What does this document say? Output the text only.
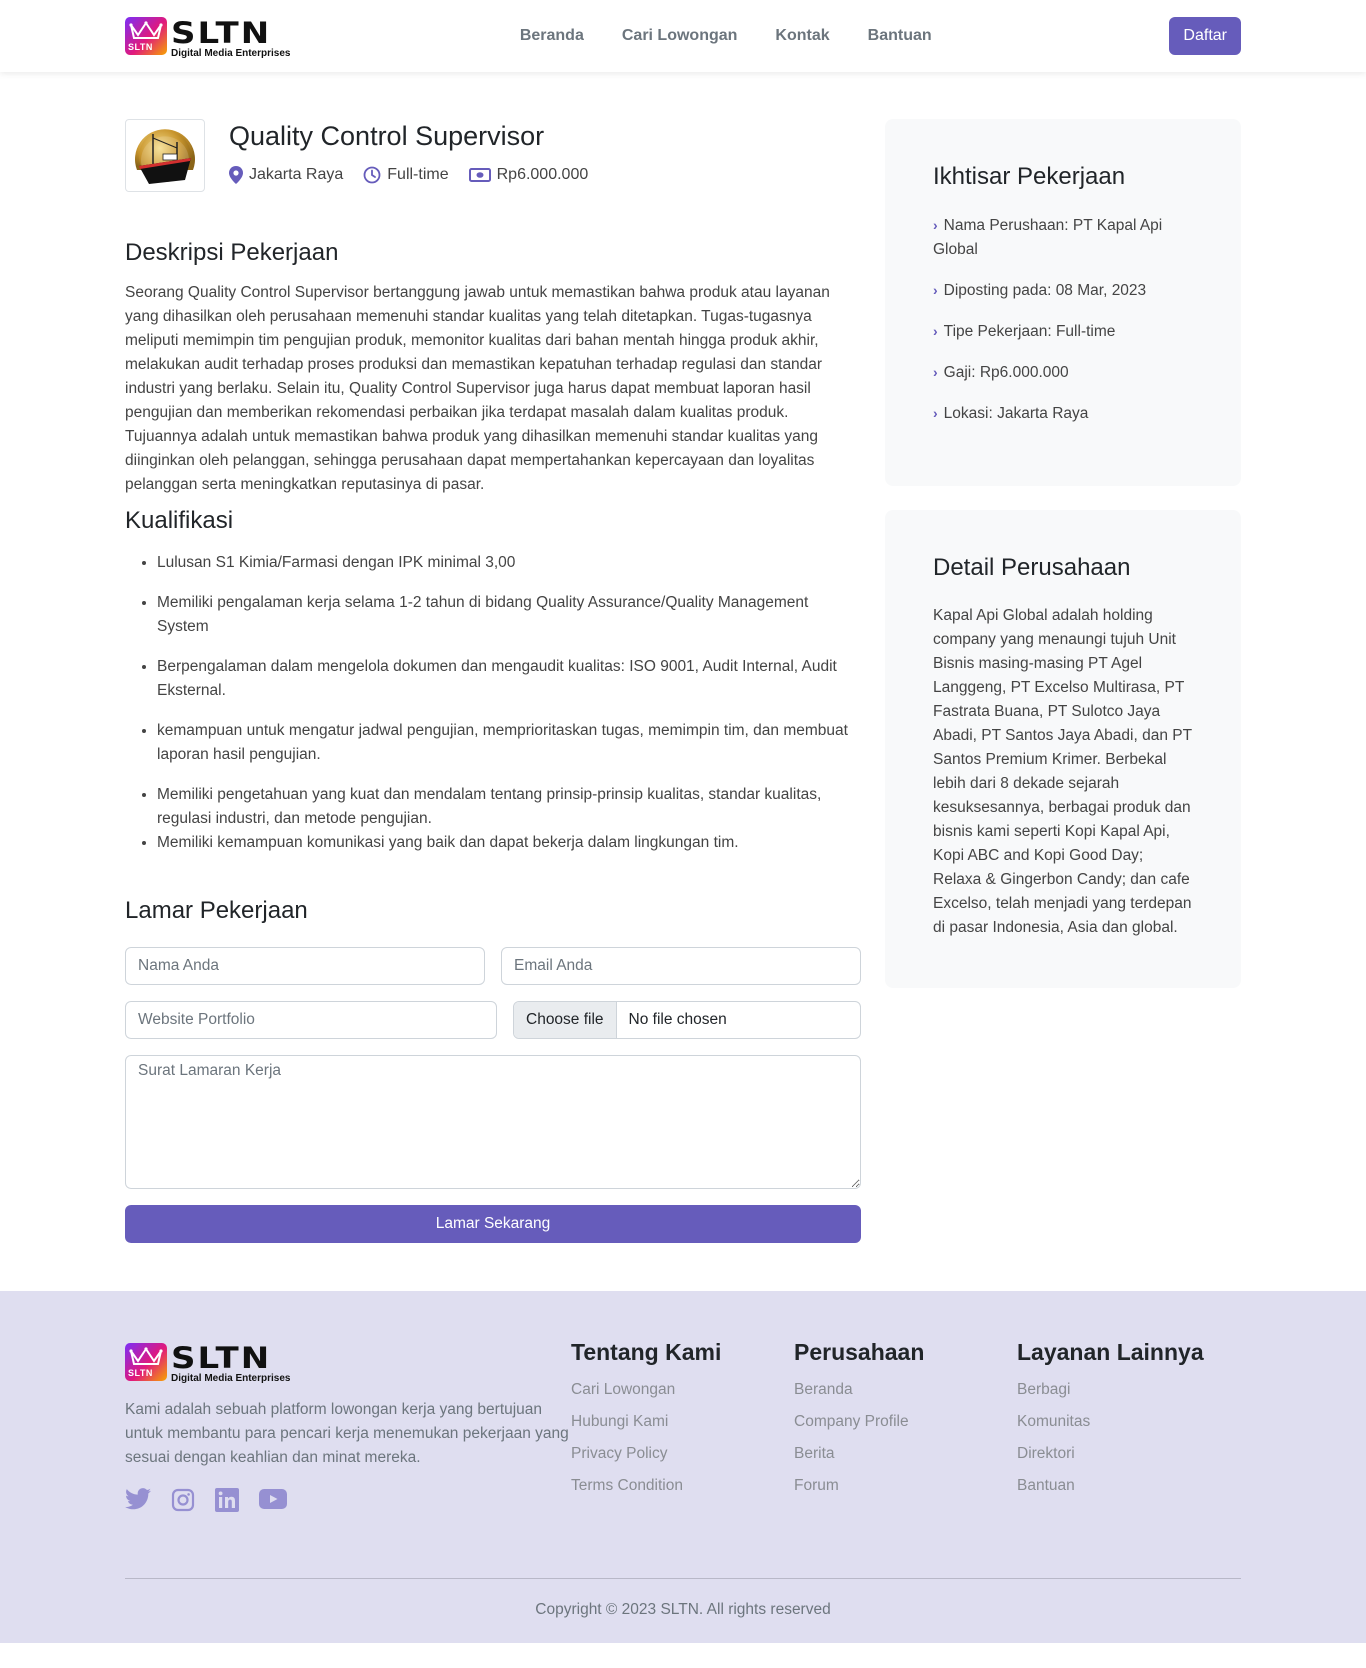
SLTN SLTN
Digital Media Enterprises
Beranda Cari Lowongan Kontak Bantuan	Daftar
Quality Control Supervisor
Jakarta Raya	Full-time	Rp6.000.000
Deskripsi Pekerjaan

Seorang Quality Control Supervisor bertanggung jawab untuk memastikan bahwa produk atau layanan yang dihasilkan oleh perusahaan memenuhi standar kualitas yang telah ditetapkan. Tugas-tugasnya meliputi memimpin tim pengujian produk, memonitor kualitas dari bahan mentah hingga produk akhir, melakukan audit terhadap proses produksi dan memastikan kepatuhan terhadap regulasi dan standar industri yang berlaku. Selain itu, Quality Control Supervisor juga harus dapat membuat laporan hasil pengujian dan memberikan rekomendasi perbaikan jika terdapat masalah dalam kualitas produk. Tujuannya adalah untuk memastikan bahwa produk yang dihasilkan memenuhi standar kualitas yang diinginkan oleh pelanggan, sehingga perusahaan dapat mempertahankan kepercayaan dan loyalitas pelanggan serta meningkatkan reputasinya di pasar.

Kualifikasi
• Lulusan S1 Kimia/Farmasi dengan IPK minimal 3,00
• Memiliki pengalaman kerja selama 1-2 tahun di bidang Quality Assurance/Quality Management System
• Berpengalaman dalam mengelola dokumen dan mengaudit kualitas: ISO 9001, Audit Internal, Audit Eksternal.
• kemampuan untuk mengatur jadwal pengujian, memprioritaskan tugas, memimpin tim, dan membuat laporan hasil pengujian.
• Memiliki pengetahuan yang kuat dan mendalam tentang prinsip-prinsip kualitas, standar kualitas, regulasi industri, dan metode pengujian.
• Memiliki kemampuan komunikasi yang baik dan dapat bekerja dalam lingkungan tim.
Lamar Pekerjaan
Nama Anda
Email Anda
Website Portfolio
Choose file	No file chosen
Surat Lamaran Kerja
Lamar Sekarang
Ikhtisar Pekerjaan
› Nama Perushaan: PT Kapal Api Global
› Diposting pada: 08 Mar, 2023
› Tipe Pekerjaan: Full-time
› Gaji: Rp6.000.000
› Lokasi: Jakarta Raya
Detail Perusahaan

Kapal Api Global adalah holding company yang menaungi tujuh Unit Bisnis masing-masing PT Agel Langgeng, PT Excelso Multirasa, PT Fastrata Buana, PT Sulotco Jaya Abadi, PT Santos Jaya Abadi, dan PT Santos Premium Krimer. Berbekal lebih dari 8 dekade sejarah kesuksesannya, berbagai produk dan bisnis kami seperti Kopi Kapal Api, Kopi ABC and Kopi Good Day; Relaxa & Gingerbon Candy; dan cafe Excelso, telah menjadi yang terdepan di pasar Indonesia, Asia dan global.

SLTN SLTN
Digital Media Enterprises

Kami adalah sebuah platform lowongan kerja yang bertujuan untuk membantu para pencari kerja menemukan pekerjaan yang sesuai dengan keahlian dan minat mereka.

Tentang Kami
Cari Lowongan
Hubungi Kami
Privacy Policy
Terms Condition
Perusahaan
Beranda
Company Profile
Berita
Forum
Layanan Lainnya
Berbagi
Komunitas
Direktori
Bantuan
Copyright © 2023 SLTN. All rights reserved
